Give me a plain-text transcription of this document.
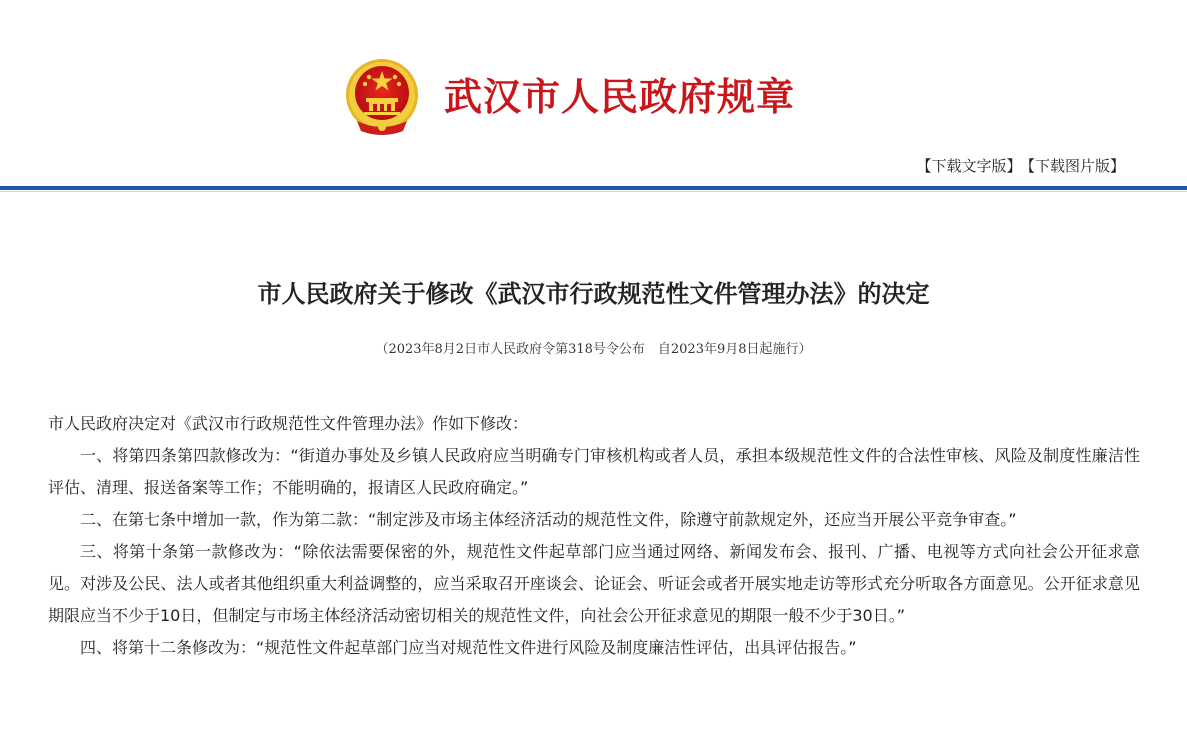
武汉市人民政府规章
【下载文字版】 【下载图片版】
市人民政府关于修改《武汉市行政规范性文件管理办法》的决定
（2023年8月2日市人民政府令第318号令公布　自2023年9月8日起施行）

市人民政府决定对《武汉市行政规范性文件管理办法》作如下修改：

一、将第四条第四款修改为：“街道办事处及乡镇人民政府应当明确专门审核机构或者人员，承担本级规范性文件的合法性审核、风险及制度性廉洁性评估、清理、报送备案等工作；不能明确的，报请区人民政府确定。”

二、在第七条中增加一款，作为第二款：“制定涉及市场主体经济活动的规范性文件，除遵守前款规定外，还应当开展公平竞争审查。”

三、将第十条第一款修改为：“除依法需要保密的外，规范性文件起草部门应当通过网络、新闻发布会、报刊、广播、电视等方式向社会公开征求意见。对涉及公民、法人或者其他组织重大利益调整的，应当采取召开座谈会、论证会、听证会或者开展实地走访等形式充分听取各方面意见。公开征求意见期限应当不少于10日，但制定与市场主体经济活动密切相关的规范性文件，向社会公开征求意见的期限一般不少于30日。”

四、将第十二条修改为：“规范性文件起草部门应当对规范性文件进行风险及制度廉洁性评估，出具评估报告。”
